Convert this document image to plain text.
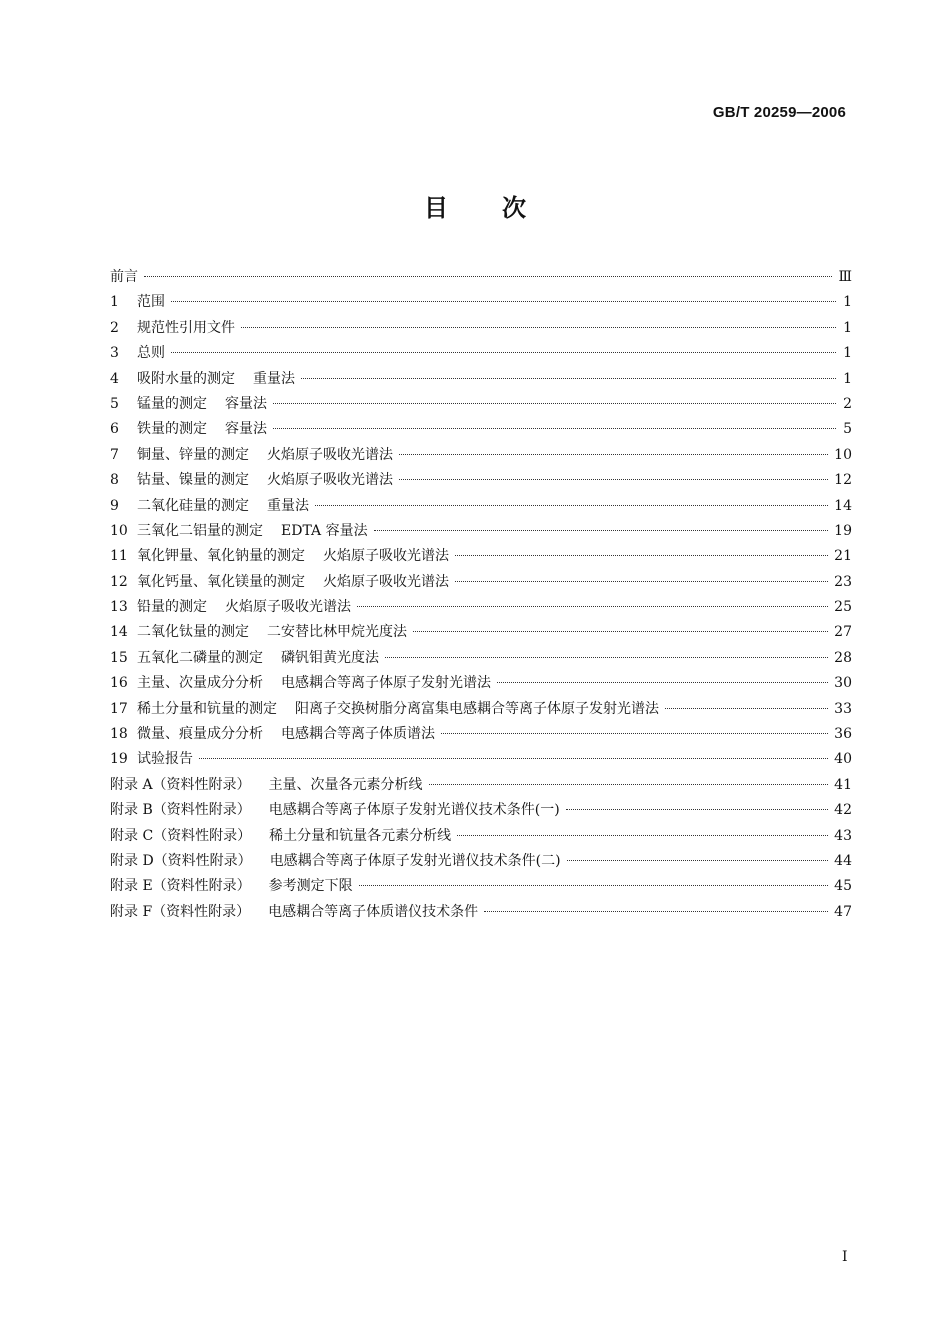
GB/T 20259—2006
目次
前言	Ⅲ
1	范围	1
2	规范性引用文件	1
3	总则	1
4	吸附水量的测定 重量法	1
5	锰量的测定 容量法	2
6	铁量的测定 容量法	5
7	铜量、锌量的测定 火焰原子吸收光谱法	10
8	钴量、镍量的测定 火焰原子吸收光谱法	12
9	二氧化硅量的测定 重量法	14
10 三氧化二铝量的测定 EDTA 容量法	19
11 氧化钾量、氧化钠量的测定 火焰原子吸收光谱法	21
12 氧化钙量、氧化镁量的测定 火焰原子吸收光谱法	23
13 铅量的测定 火焰原子吸收光谱法	25
14 二氧化钛量的测定 二安替比林甲烷光度法	27
15 五氧化二磷量的测定 磷钒钼黄光度法	28
16 主量、次量成分分析 电感耦合等离子体原子发射光谱法	30
17 稀土分量和钪量的测定 阳离子交换树脂分离富集电感耦合等离子体原子发射光谱法	33
18 微量、痕量成分分析 电感耦合等离子体质谱法	36
19 试验报告	40
附录 A（资料性附录） 主量、次量各元素分析线	41
附录 B（资料性附录） 电感耦合等离子体原子发射光谱仪技术条件(一)	42
附录 C（资料性附录） 稀土分量和钪量各元素分析线	43
附录 D（资料性附录） 电感耦合等离子体原子发射光谱仪技术条件(二)	44
附录 E（资料性附录） 参考测定下限	45
附录 F（资料性附录） 电感耦合等离子体质谱仪技术条件	47
I
